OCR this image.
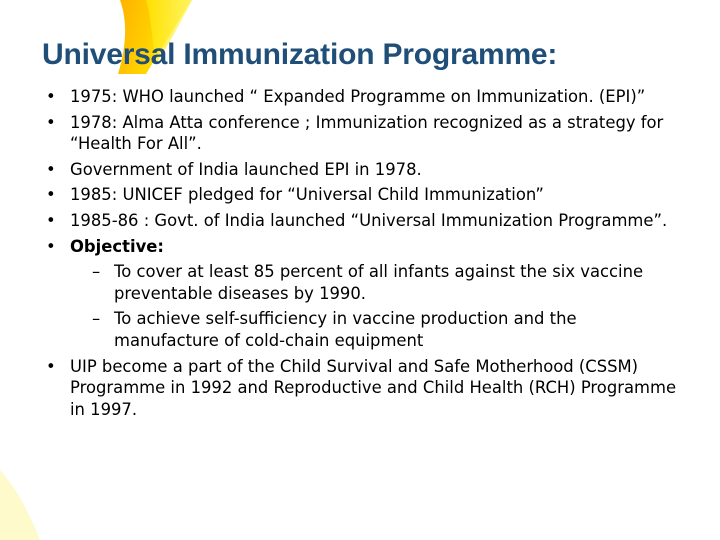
Universal Immunization Programme:
• 1975: WHO launched “ Expanded Programme on Immunization. (EPI)”
• 1978: Alma Atta conference ; Immunization recognized as a strategy for “Health For All”.
• Government of India launched EPI in 1978.
• 1985: UNICEF pledged for “Universal Child Immunization”
• 1985-86 : Govt. of India launched “Universal Immunization Programme”.
• Objective:
– To cover at least 85 percent of all infants against the six vaccine preventable diseases by 1990.
– To achieve self-sufficiency in vaccine production and the manufacture of cold-chain equipment
• UIP become a part of the Child Survival and Safe Motherhood (CSSM) Programme in 1992 and Reproductive and Child Health (RCH) Programme in 1997.
